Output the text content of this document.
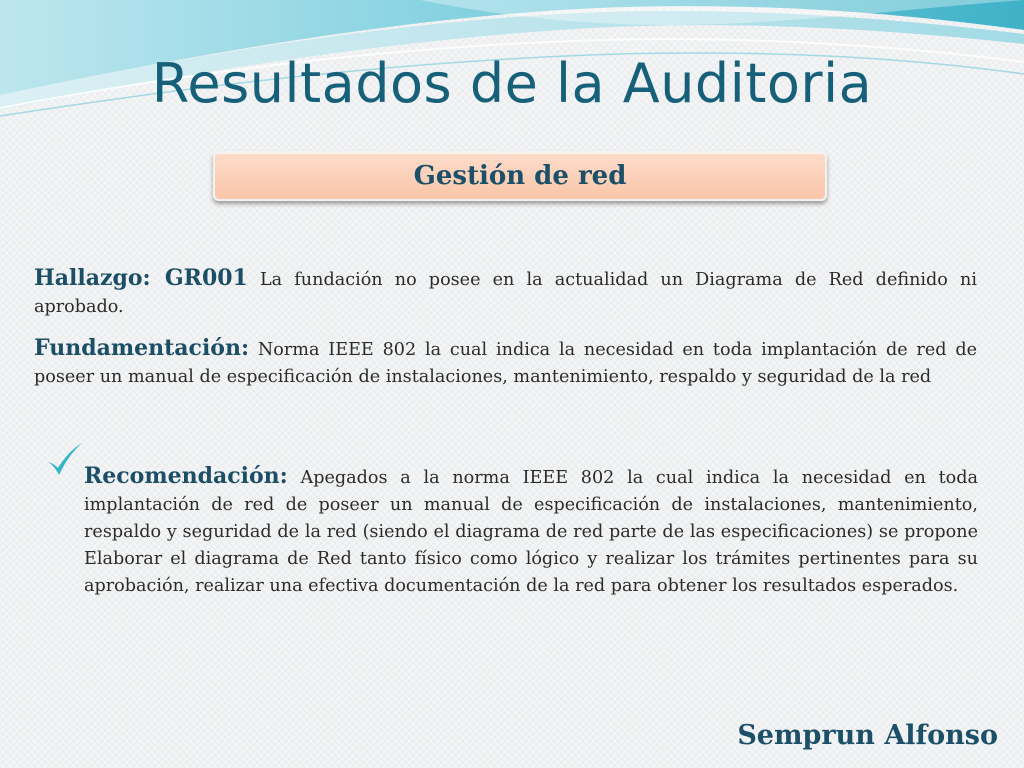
Resultados de la Auditoria
Gestión de red
Hallazgo: GR001 La fundación no posee en la actualidad un Diagrama de Red definido ni aprobado.
Fundamentación: Norma IEEE 802 la cual indica la necesidad en toda implantación de red de poseer un manual de especificación de instalaciones, mantenimiento, respaldo y seguridad de la red
Recomendación: Apegados a la norma IEEE 802 la cual indica la necesidad en toda implantación de red de poseer un manual de especificación de instalaciones, mantenimiento, respaldo y seguridad de la red (siendo el diagrama de red parte de las especificaciones) se propone Elaborar el diagrama de Red tanto físico como lógico y realizar los trámites pertinentes para su aprobación, realizar una efectiva documentación de la red para obtener los resultados esperados.
Semprun Alfonso
